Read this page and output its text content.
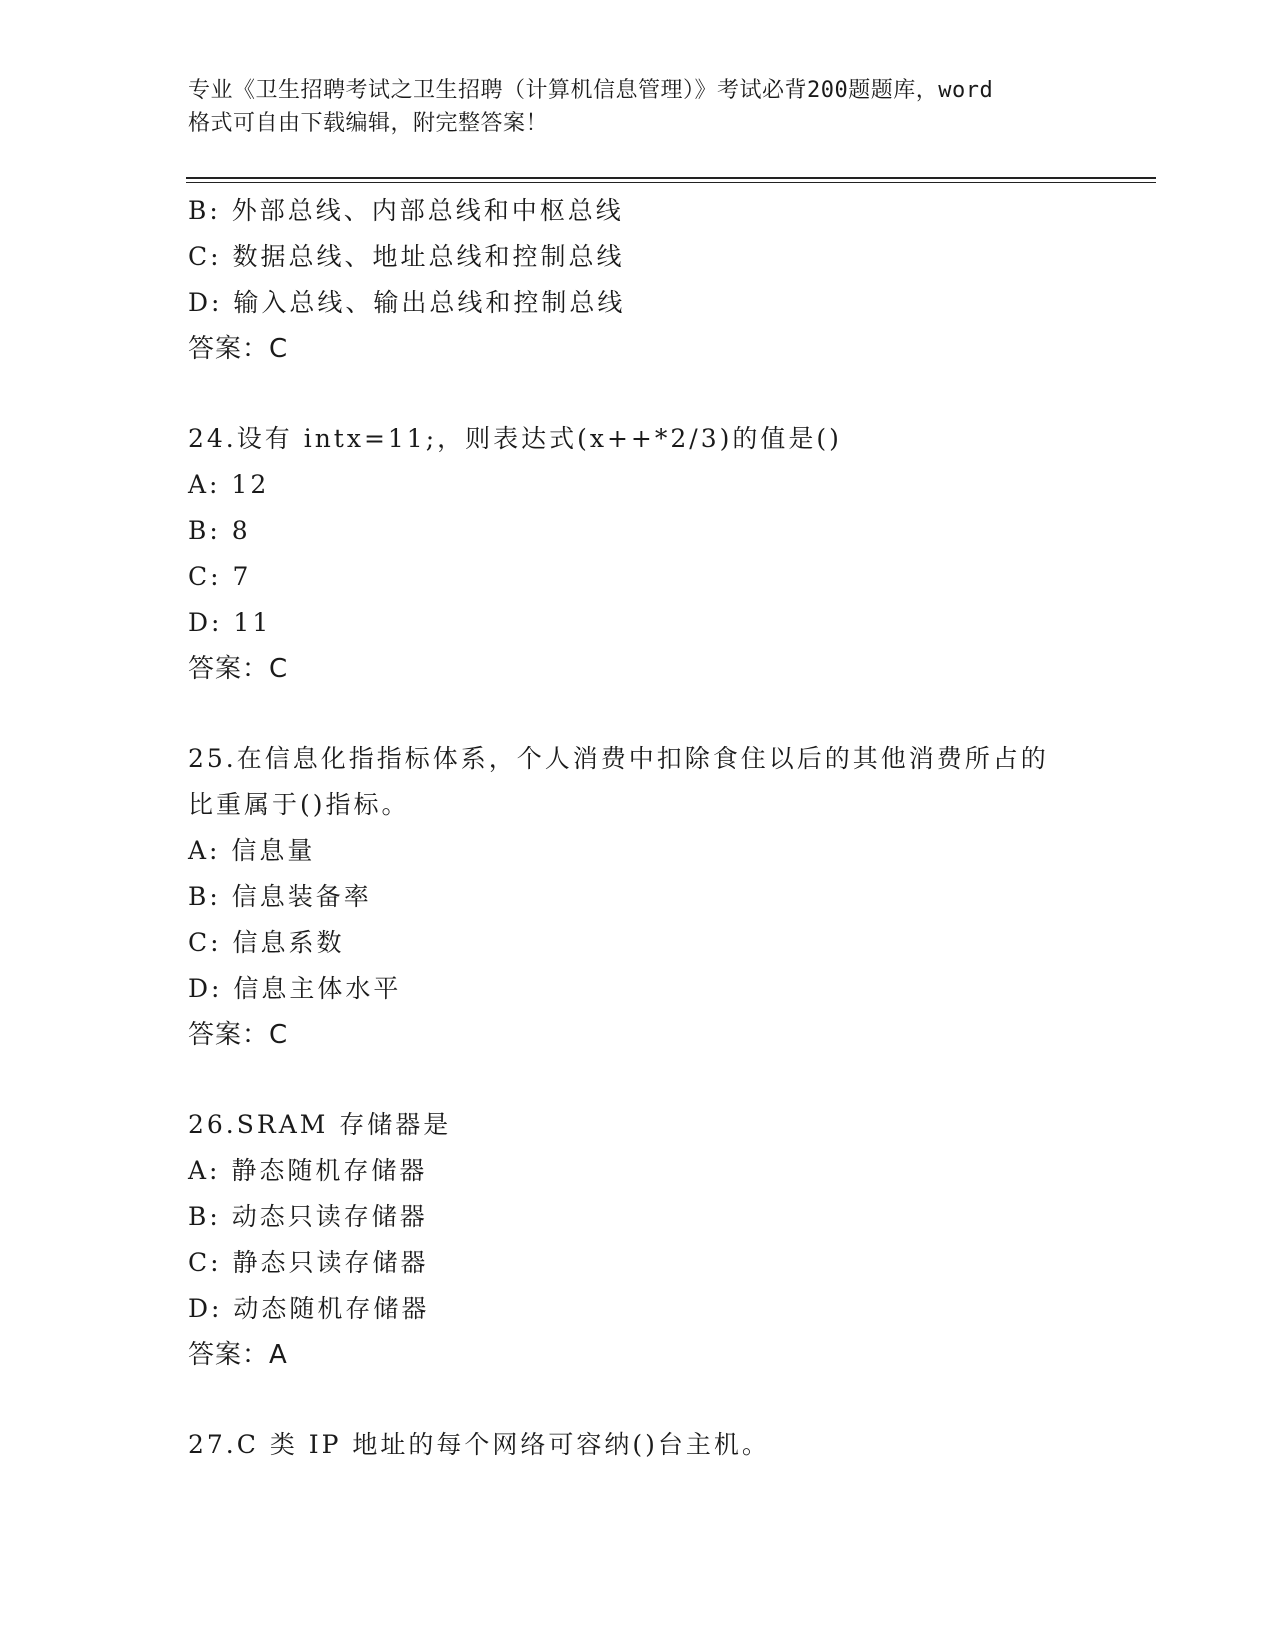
专业《卫生招聘考试之卫生招聘（计算机信息管理）》考试必背200题题库，word
格式可自由下载编辑，附完整答案！
B: 外部总线、内部总线和中枢总线
C: 数据总线、地址总线和控制总线
D: 输入总线、输出总线和控制总线
答案：C
24.设有 intx=11;，则表达式(x++*2/3)的值是()
A: 12
B: 8
C: 7
D: 11
答案：C
25.在信息化指指标体系，个人消费中扣除食住以后的其他消费所占的
比重属于()指标。
A: 信息量
B: 信息装备率
C: 信息系数
D: 信息主体水平
答案：C
26.SRAM 存储器是
A: 静态随机存储器
B: 动态只读存储器
C: 静态只读存储器
D: 动态随机存储器
答案：A
27.C 类 IP 地址的每个网络可容纳()台主机。
